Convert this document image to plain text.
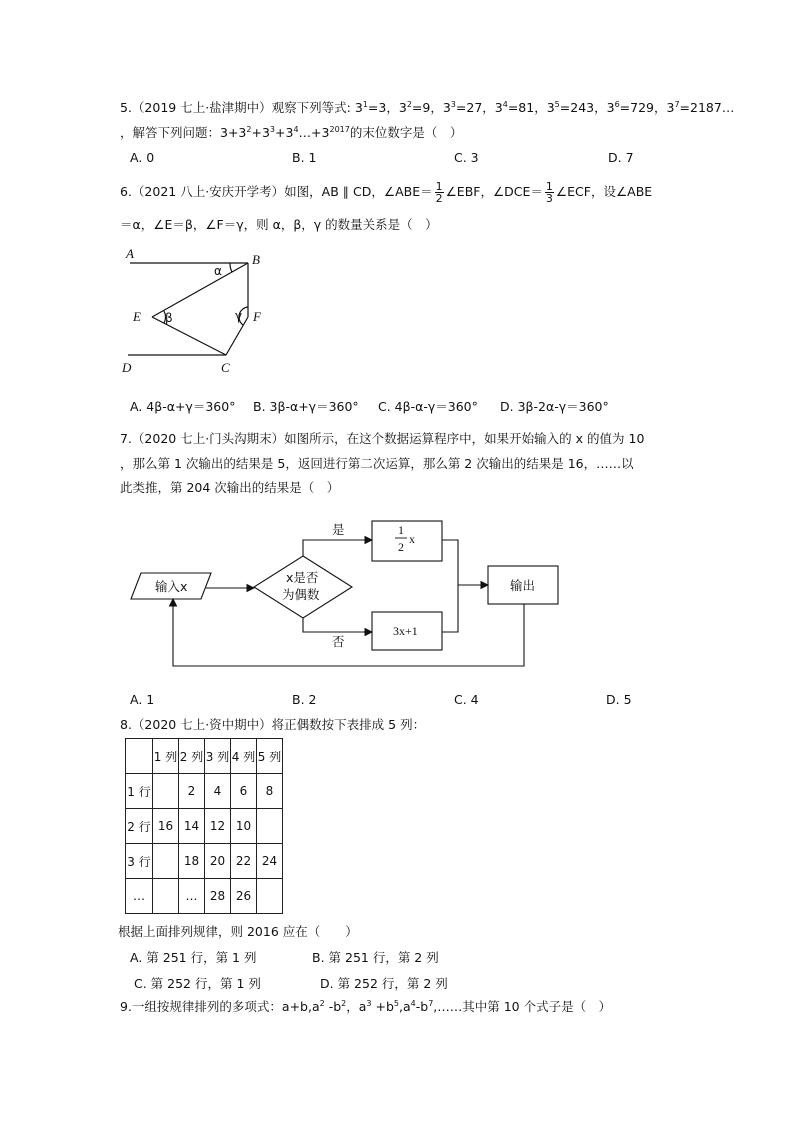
5.（2019 七上·盐津期中）观察下列等式: $3^1=3$，$3^2=9$，$3^3=27$，$3^4=81$，$3^5=243$，$3^6=729$，$3^7=2187\dots$
，解答下列问题：$3+3^2+3^3+3^4\dots+3^{2017}$的末位数字是（　）
A. 0	B. 1	C. 3	D. 7
6.（2021 八上·安庆开学考）如图，AB ∥ CD，∠ABE＝ $\frac{1}{2}$ ∠EBF，∠DCE＝ $\frac{1}{3}$ ∠ECF，设∠ABE
＝α，∠E＝β，∠F＝γ，则 α，β，γ 的数量关系是（　）
A	B
E	F
D	C
α
β	γ
A. 4β-α+γ＝360° B. 3β-α+γ＝360° C. 4β-α-γ＝360° D. 3β-2α-γ＝360°
7.（2020 七上·门头沟期末）如图所示，在这个数据运算程序中，如果开始输入的 x 的值为 10
，那么第 1 次输出的结果是 5，返回进行第二次运算，那么第 2 次输出的结果是 16，……以
此类推，第 204 次输出的结果是（　）
输入x
x是否
为偶数
是
否
输出
1
2
x
3x+1
A. 1	B. 2	C. 4	D. 5
8.（2020 七上·资中期中）将正偶数按下表排成 5 列：
	1 列	2 列	3 列	4 列	5 列
1 行		2	4	6	8
2 行	16	14	12	10	
3 行		18	20	22	24
…		…	28	26	
根据上面排列规律，则 2016 应在（　　）
A. 第 251 行，第 1 列	B. 第 251 行，第 2 列
C. 第 252 行，第 1 列	D. 第 252 行，第 2 列
9.一组按规律排列的多项式：$a+b,a^2$ $-b^2$，$a^3$ $+b^5,a^4-b^7,\dots\dots$其中第 10 个式子是（　）
